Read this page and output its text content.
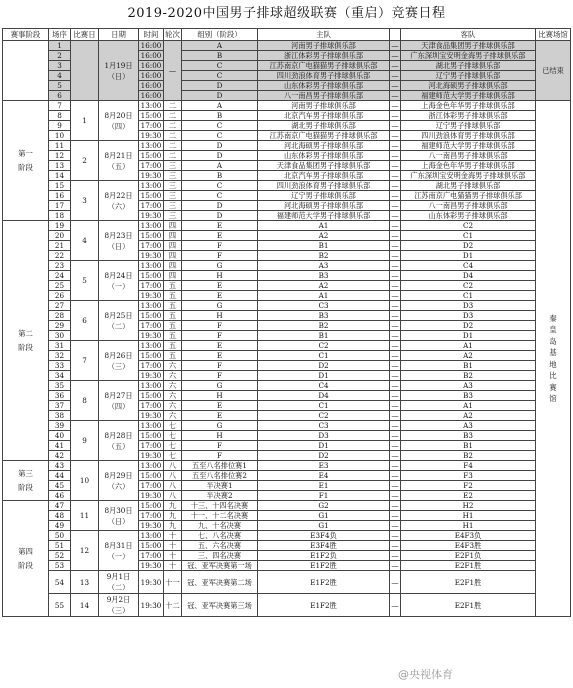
2019-2020中国男子排球超级联赛（重启）竞赛日程
赛事阶段	场序	比赛日	日期	时间	轮次	组别（阶段）	主队		客队	比赛场馆
	1		1月19日（日）	16:00	—	A	河南男子排球俱乐部	—	天津食品集团男子排球俱乐部	已结束
	2			16:00		B	浙江体彩男子排球俱乐部	—	广东深圳宝安明金海男子排球俱乐部	
	3			16:00		C	江苏南京广电猫猫男子排球俱乐部	—	湖北男子排球俱乐部	
	4			16:00		C	四川劲浪体育男子排球俱乐部	—	辽宁男子排球俱乐部	
	5			16:00		D	山东体彩男子排球俱乐部	—	河北海硕男子排球俱乐部	
	6			16:00		D	八一南昌男子排球俱乐部	—	福建师范大学男子排球俱乐部	
第一阶段	7	1	8月20日（四）	13:00	二	A	河南男子排球俱乐部	—	上海金色年华男子排球俱乐部	秦皇岛基地比赛馆
	8			15:00	二	B	北京汽车男子排球俱乐部	—	浙江体彩男子排球俱乐部	
	9			17:00	二	C	湖北男子排球俱乐部	—	辽宁男子排球俱乐部	
	10			19:30	二	C	江苏南京广电猫猫男子排球俱乐部	—	四川劲浪体育男子排球俱乐部	
	11	2	8月21日（五）	13:00	二	D	河北海硕男子排球俱乐部	—	福建师范大学男子排球俱乐部	
	12			15:00	二	D	山东体彩男子排球俱乐部	—	八一南昌男子排球俱乐部	
	13			17:00	三	A	天津食品集团男子排球俱乐部	—	上海金色年华男子排球俱乐部	
	14			19:30	三	B	北京汽车男子排球俱乐部	—	广东深圳宝安明金海男子排球俱乐部	
	15	3	8月22日（六）	13:00	三	C	四川劲浪体育男子排球俱乐部	—	湖北男子排球俱乐部	
	16			15:00	三	C	辽宁男子排球俱乐部	—	江苏南京广电猫猫男子排球俱乐部	
	17			17:00	三	D	河北海硕男子排球俱乐部	—	八一南昌男子排球俱乐部	
	18			19:30	三	D	福建师范大学男子排球俱乐部	—	山东体彩男子排球俱乐部	
第二阶段	19	4	8月23日（日）	13:00	四	E	A1	—	C2	
	20			15:00	四	E	A2	—	C1	
	21			17:00	四	F	B1	—	D2	
	22			19:30	四	F	B2	—	D1	
	23	5	8月24日（一）	13:00	四	G	A3	—	C4	
	24			15:00	四	H	B3	—	D4	
	25			17:00	五	E	A2	—	C2	
	26			19:30	五	E	A1	—	C1	
	27	6	8月25日（二）	13:00	五	G	C3	—	D3	
	28			15:00	五	H	B3	—	D3	
	29			17:00	五	F	B2	—	D2	
	30			19:30	五	F	B1	—	D1	
	31	7	8月26日（三）	13:00	五	E	C2	—	A1	
	32			15:00	五	E	C1	—	A2	
	33			17:00	六	F	D2	—	B1	
	34			19:30	六	F	D1	—	B2	
	35	8	8月27日（四）	13:00	六	G	C4	—	A3	
	36			15:00	六	H	D4	—	B3	
	37			17:00	六	E	C1	—	A1	
	38			19:30	六	E	C2	—	A2	
	39	9	8月28日（五）	13:00	七	G	C3	—	A3	
	40			15:00	七	H	D3	—	B3	
	41			17:00	七	F	D1	—	B1	
	42			19:30	七	F	D2	—	B2	
第三阶段	43	10	8月29日（六）	13:00	八	五至八名排位赛1	E3	—	F4	
	44			15:00	八	五至八名排位赛2	E4	—	F3	
	45			17:00	八	半决赛1	E1	—	F2	
	46			19:30	八	半决赛2	F1	—	E2	
第四阶段	47	11	8月30日（日）	15:00	九	十三、十四名决赛	G2	—	H2	
	48			17:00	九	十一、十二名决赛	G1	—	H1	
	49			19:30	九	九、十名决赛	G1	—	H1	
	50	12	8月31日（一）	13:00	十	七、八名决赛	E3F4负	—	E4F3负	
	51			15:00	十	五、六名决赛	E3F4胜	—	E4F3胜	
	52			17:00	十	三、四名决赛	E1F2负	—	E2F1负	
	53			19:30	十	冠、亚军决赛第一场	E1F2胜	—	E2F1胜	
	54	13	9月1日（二）	19:30	十一	冠、亚军决赛第二场	E1F2胜	—	E2F1胜	
	55	14	9月2日（三）	19:30	十二	冠、亚军决赛第三场	E1F2胜	—	E2F1胜	
@央视体育
